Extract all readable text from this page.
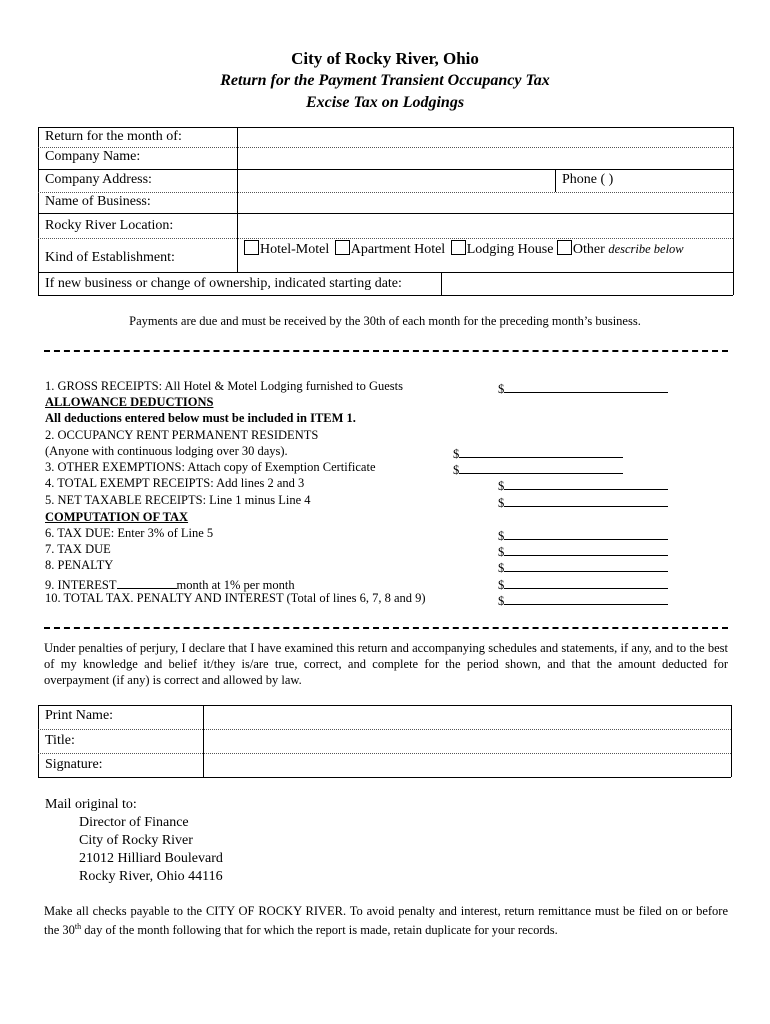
City of Rocky River, Ohio
Return for the Payment Transient Occupancy Tax
Excise Tax on Lodgings
Return for the month of:
Company Name:
Company Address:	Phone ( )
Name of Business:
Rocky River Location:
Kind of Establishment:
Hotel-Motel Apartment Hotel Lodging House Other describe below
If new business or change of ownership, indicated starting date:
Payments are due and must be received by the 30th of each month for the preceding month’s business.
1. GROSS RECEIPTS: All Hotel & Motel Lodging furnished to Guests	$
ALLOWANCE DEDUCTIONS
All deductions entered below must be included in ITEM 1.
2. OCCUPANCY RENT PERMANENT RESIDENTS
(Anyone with continuous lodging over 30 days).	$
3. OTHER EXEMPTIONS: Attach copy of Exemption Certificate	$
4. TOTAL EXEMPT RECEIPTS: Add lines 2 and 3	$
5. NET TAXABLE RECEIPTS: Line 1 minus Line 4	$
COMPUTATION OF TAX
6. TAX DUE: Enter 3% of Line 5	$
7. TAX DUE	$
8. PENALTY	$
9. INTEREST	month at 1% per month	$
10. TOTAL TAX. PENALTY AND INTEREST (Total of lines 6, 7, 8 and 9)	$
Under penalties of perjury, I declare that I have examined this return and accompanying schedules and statements, if any, and to the best of my knowledge and belief it/they is/are true, correct, and complete for the period shown, and that the amount deducted for overpayment (if any) is correct and allowed by law.
Print Name:
Title:
Signature:
Mail original to:
Director of Finance
City of Rocky River
21012 Hilliard Boulevard
Rocky River, Ohio 44116
Make all checks payable to the CITY OF ROCKY RIVER. To avoid penalty and interest, return remittance must be filed on or before the 30th day of the month following that for which the report is made, retain duplicate for your records.
